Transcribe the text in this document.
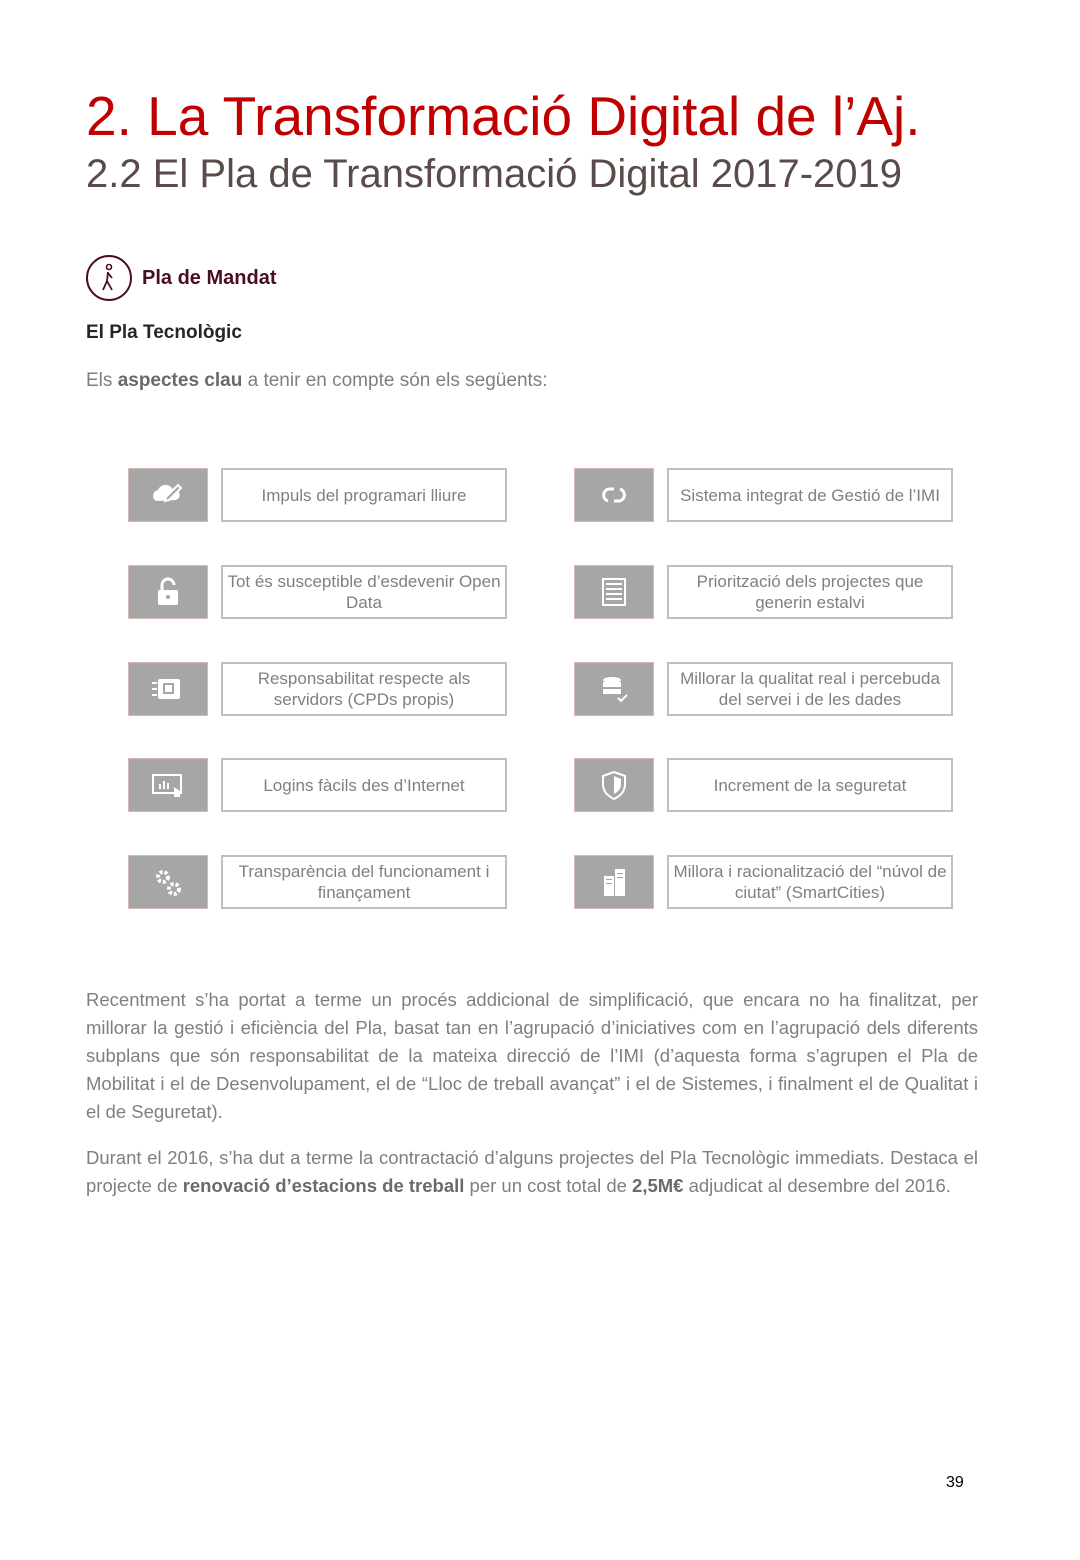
2. La Transformació Digital de l’Aj.
2.2 El Pla de Transformació Digital 2017-2019
Pla de Mandat
El Pla Tecnològic
Els aspectes clau a tenir en compte són els següents:
Impuls del programari lliure	Sistema integrat de Gestió de l’IMI
Tot és susceptible d’esdevenir Open Data
Priorització dels projectes que generin estalvi
Responsabilitat respecte als servidors (CPDs propis)
Millorar la qualitat real i percebuda del servei i de les dades
Logins fàcils des d’Internet	Increment de la seguretat
Transparència del funcionament i finançament
Millora i racionalització del “núvol de ciutat” (SmartCities)
Recentment s’ha portat a terme un procés addicional de simplificació, que encara no ha finalitzat, per millorar la gestió i eficiència del Pla, basat tan en l’agrupació d’iniciatives com en l’agrupació dels diferents subplans que són responsabilitat de la mateixa direcció de l’IMI (d’aquesta forma s’agrupen el Pla de Mobilitat i el de Desenvolupament, el de “Lloc de treball avançat” i el de Sistemes, i finalment el de Qualitat i el de Seguretat).
Durant el 2016, s’ha dut a terme la contractació d’alguns projectes del Pla Tecnològic immediats. Destaca el projecte de renovació d’estacions de treball per un cost total de 2,5M€ adjudicat al desembre del 2016.
39
